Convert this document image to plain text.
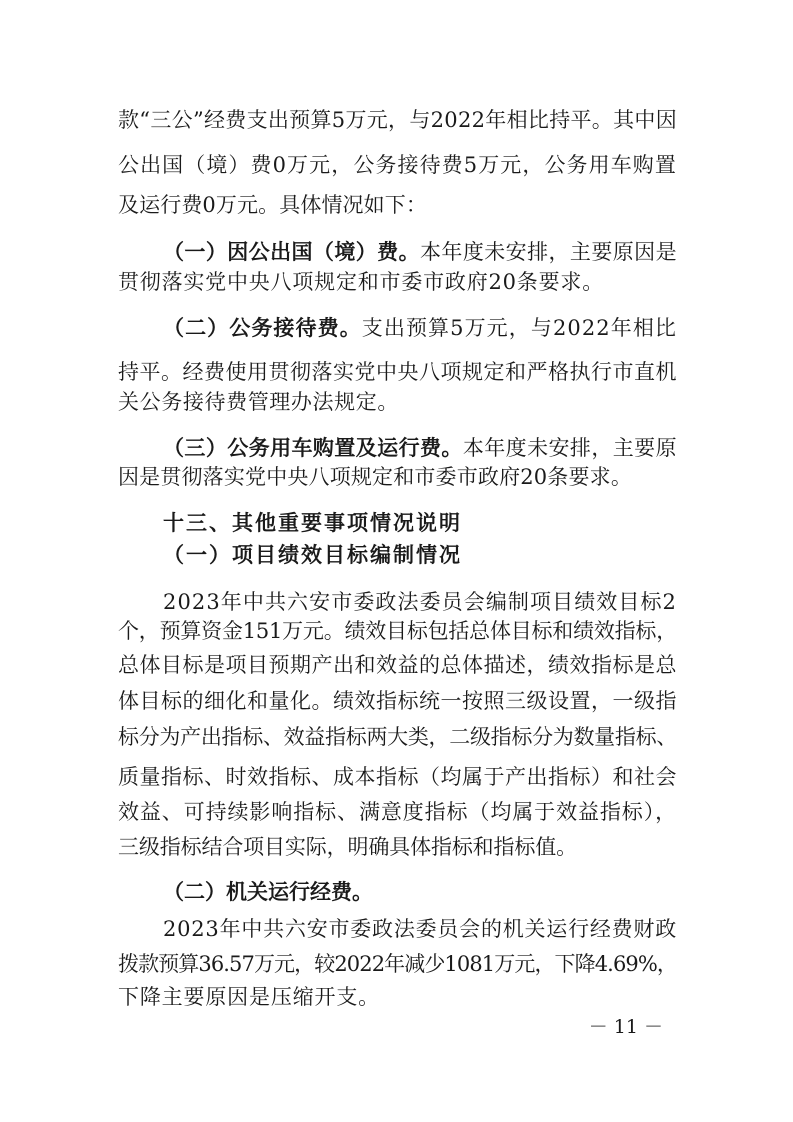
款“三公”经费支出预算5万元，与2022年相比持平。其中因
公出国（境）费0万元，公务接待费5万元，公务用车购置
及运行费0万元。具体情况如下：
（一）因公出国（境）费。本年度未安排，主要原因是
贯彻落实党中央八项规定和市委市政府20条要求。
（二）公务接待费。支出预算5万元，与2022年相比
持平。经费使用贯彻落实党中央八项规定和严格执行市直机
关公务接待费管理办法规定。
（三）公务用车购置及运行费。本年度未安排，主要原
因是贯彻落实党中央八项规定和市委市政府20条要求。
十三、其他重要事项情况说明
（一）项目绩效目标编制情况
2023年中共六安市委政法委员会编制项目绩效目标2
个，预算资金151万元。绩效目标包括总体目标和绩效指标，
总体目标是项目预期产出和效益的总体描述，绩效指标是总
体目标的细化和量化。绩效指标统一按照三级设置，一级指
标分为产出指标、效益指标两大类，二级指标分为数量指标、
质量指标、时效指标、成本指标（均属于产出指标）和社会
效益、可持续影响指标、满意度指标（均属于效益指标），
三级指标结合项目实际，明确具体指标和指标值。
（二）机关运行经费。
2023年中共六安市委政法委员会的机关运行经费财政
拨款预算36.57万元，较2022年减少1081万元，下降4.69%，
下降主要原因是压缩开支。
－ 11 －
